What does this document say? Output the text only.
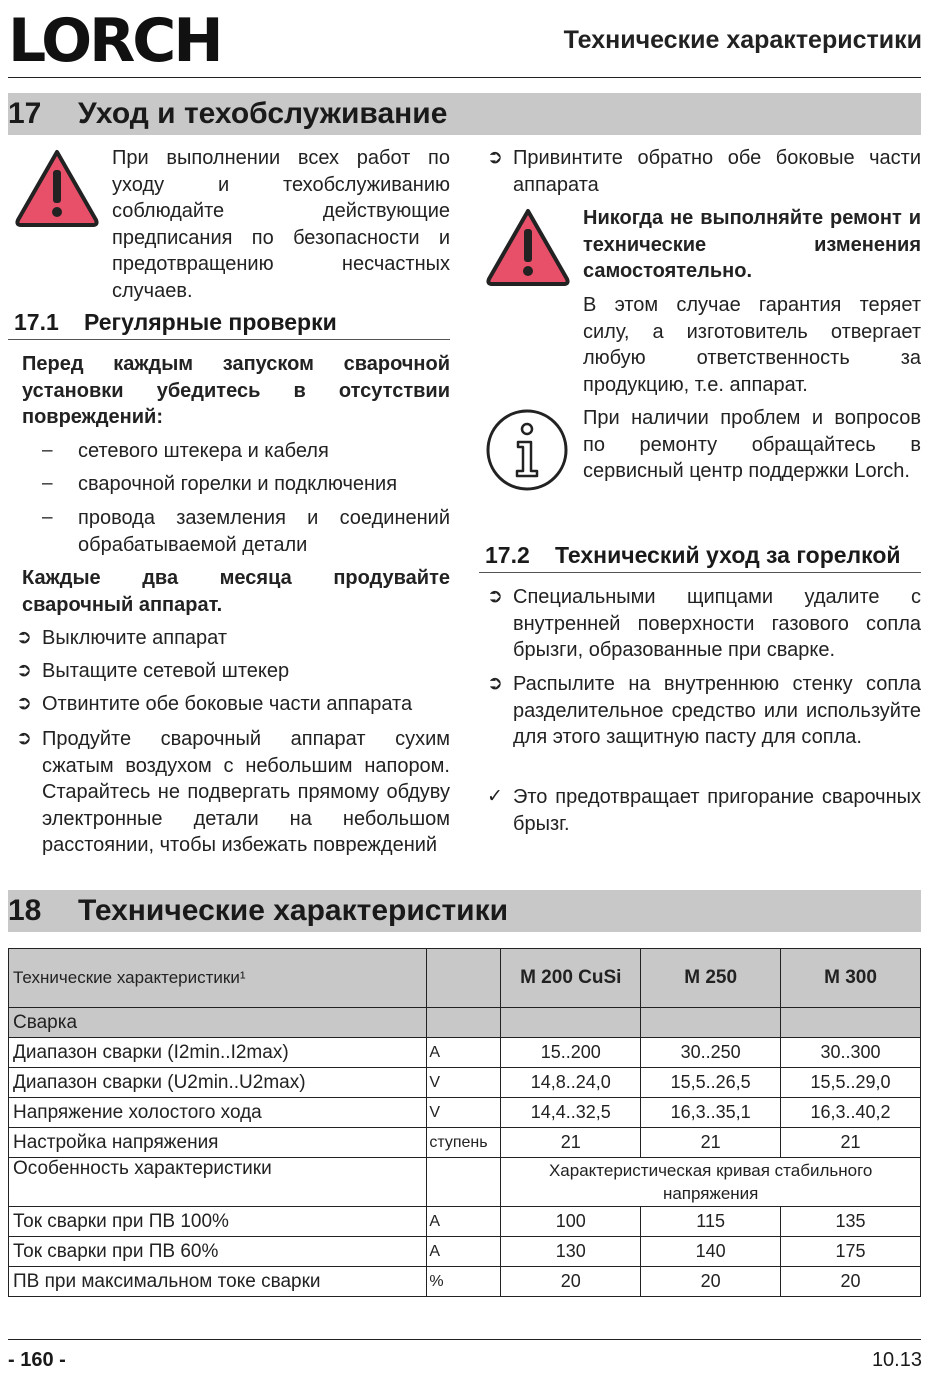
LORCH	Технические характеристики
17 Уход и техобслуживание
При выполнении всех работ по уходу и техобслуживанию соблюдайте действующие предписания по безопасности и предотвращению несчастных случаев.
17.1 Регулярные проверки
Перед каждым запуском сварочной установки убедитесь в отсутствии повреждений:
–	сетевого штекера и кабеля
–	сварочной горелки и подключения
–	провода заземления и соединений обрабатываемой детали
Каждые два месяца продувайте сварочный аппарат.
➲ Выключите аппарат
➲ Вытащите сетевой штекер
➲ Отвинтите обе боковые части аппарата
➲ Продуйте сварочный аппарат сухим сжатым воздухом с небольшим напором. Старайтесь не подвергать прямому обдуву электронные детали на небольшом расстоянии, чтобы избежать повреждений
➲ Привинтите обратно обе боковые части аппарата
Никогда не выполняйте ремонт и технические изменения самостоятельно.
В этом случае гарантия теряет силу, а изготовитель отвергает любую ответственность за продукцию, т.е. аппарат.
При наличии проблем и вопросов по ремонту обращайтесь в сервисный центр поддержки Lorch.
17.2 Технический уход за горелкой
➲ Специальными щипцами удалите с внутренней поверхности газового сопла брызги, образованные при сварке.
➲ Распылите на внутреннюю стенку сопла разделительное средство или используйте для этого защитную пасту для сопла.
✓ Это предотвращает пригорание сварочных брызг.
18 Технические характеристики
Технические характеристики¹		M 200 CuSi	M 250	M 300
Сварка				
Диапазон сварки (I2min..I2max)	A	15..200	30..250	30..300
Диапазон сварки (U2min..U2max)	V	14,8..24,0	15,5..26,5	15,5..29,0
Напряжение холостого хода	V	14,4..32,5	16,3..35,1	16,3..40,2
Настройка напряжения	ступень	21	21	21
Особенность характеристики		Характеристическая кривая стабильного напряжения		
Ток сварки при ПВ 100%	A	100	115	135
Ток сварки при ПВ 60%	A	130	140	175
ПВ при максимальном токе сварки	%	20	20	20
- 160 -	10.13
